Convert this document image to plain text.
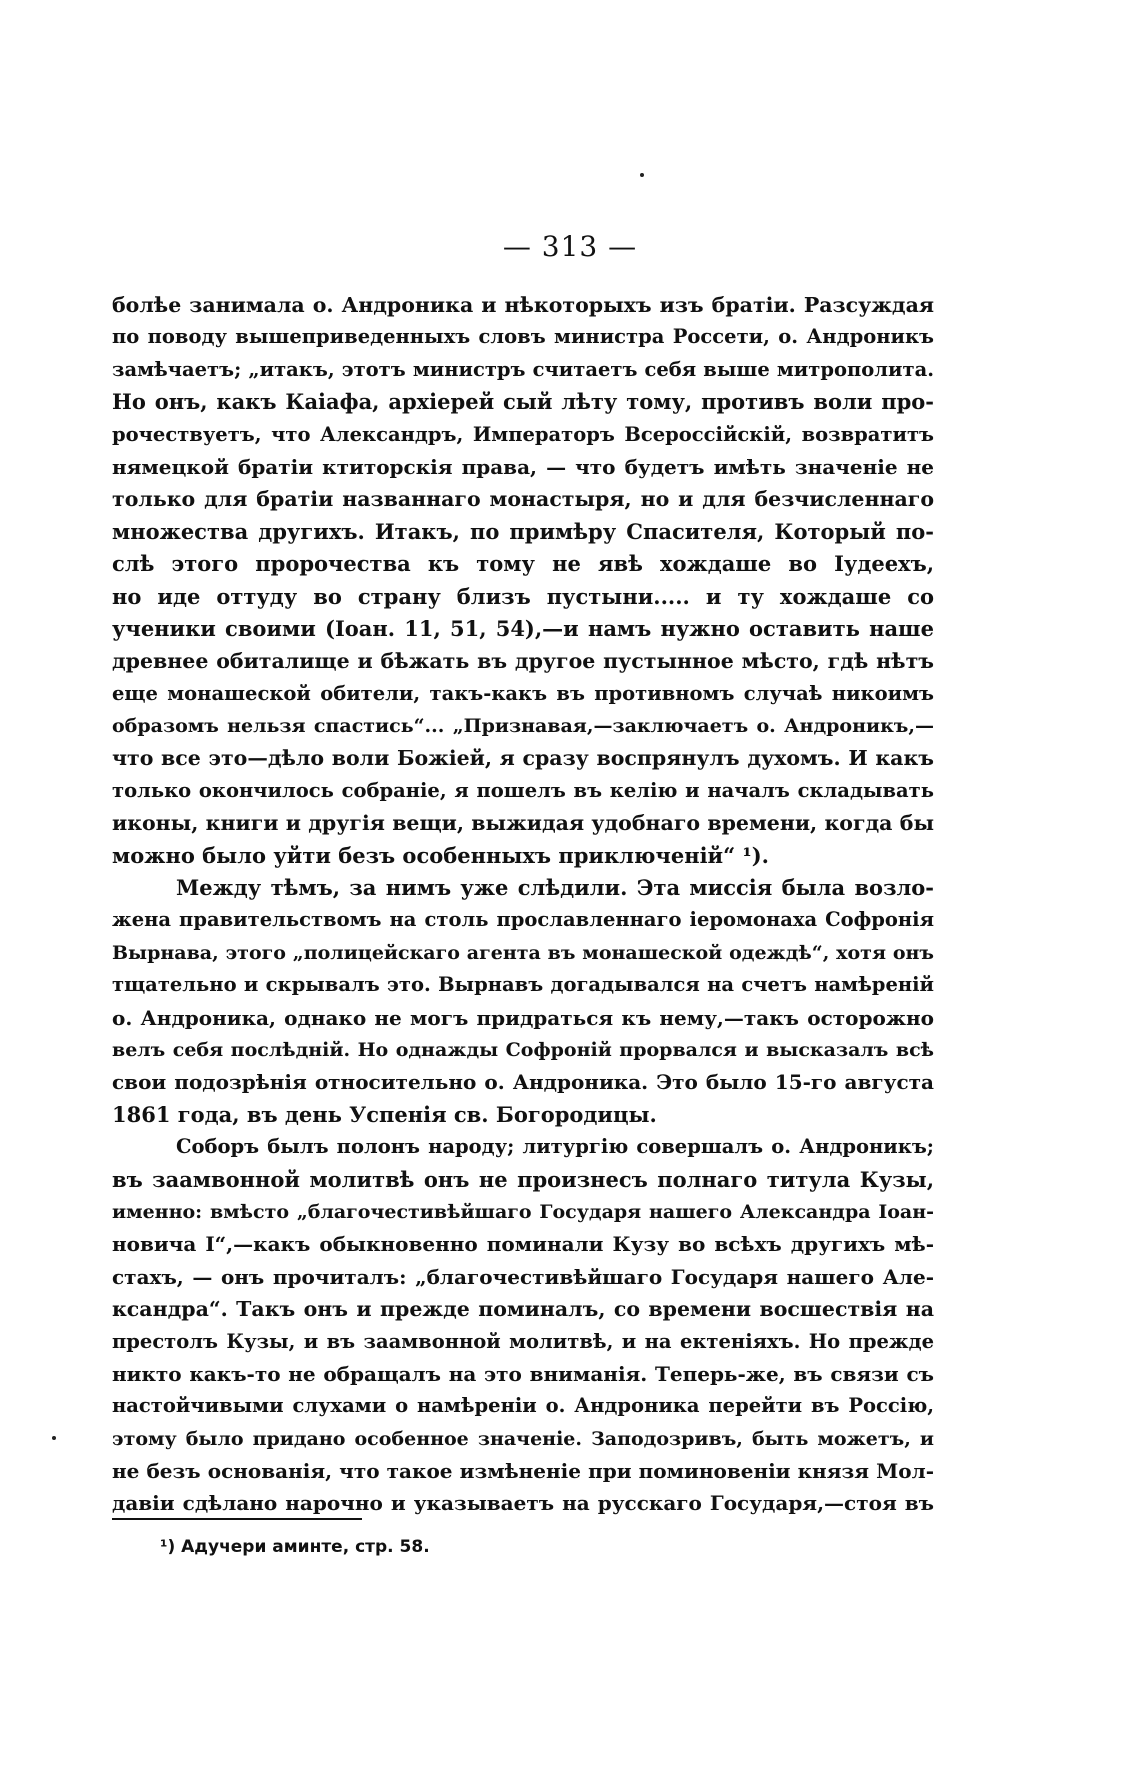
— 313 —
болѣе занимала о. Андроника и нѣкоторыхъ изъ братіи. Разсуждая
по поводу вышеприведенныхъ словъ министра Россети, о. Андроникъ
замѣчаетъ; „итакъ, этотъ министръ считаетъ себя выше митрополита.
Но онъ, какъ Каіафа, архіерей сый лѣту тому, противъ воли про-
рочествуетъ, что Александръ, Императоръ Всероссійскій, возвратитъ
нямецкой братіи ктиторскія права, — что будетъ имѣть значеніе не
только для братіи названнаго монастыря, но и для безчисленнаго
множества другихъ. Итакъ, по примѣру Спасителя, Который по-
слѣ этого пророчества къ тому не явѣ хождаше во Іудеехъ,
но иде оттуду во страну близъ пустыни..... и ту хождаше со
ученики своими (Іоан. 11, 51, 54),—и намъ нужно оставить наше
древнее обиталище и бѣжать въ другое пустынное мѣсто, гдѣ нѣтъ
еще монашеской обители, такъ-какъ въ противномъ случаѣ никоимъ
образомъ нельзя спастись“... „Признавая,—заключаетъ о. Андроникъ,—
что все это—дѣло воли Божіей, я сразу воспрянулъ духомъ. И какъ
только окончилось собраніе, я пошелъ въ келію и началъ складывать
иконы, книги и другія вещи, выжидая удобнаго времени, когда бы
можно было уйти безъ особенныхъ приключеній“ ¹).
Между тѣмъ, за нимъ уже слѣдили. Эта миссія была возло-
жена правительствомъ на столь прославленнаго іеромонаха Софронія
Вырнава, этого „полицейскаго агента въ монашеской одеждѣ“, хотя онъ
тщательно и скрывалъ это. Вырнавъ догадывался на счетъ намѣреній
о. Андроника, однако не могъ придраться къ нему,—такъ осторожно
велъ себя послѣдній. Но однажды Софроній прорвался и высказалъ всѣ
свои подозрѣнія относительно о. Андроника. Это было 15-го августа
1861 года, въ день Успенія св. Богородицы.
Соборъ былъ полонъ народу; литургію совершалъ о. Андроникъ;
въ заамвонной молитвѣ онъ не произнесъ полнаго титула Кузы,
именно: вмѣсто „благочестивѣйшаго Государя нашего Александра Іоан-
новича І“,—какъ обыкновенно поминали Кузу во всѣхъ другихъ мѣ-
стахъ, — онъ прочиталъ: „благочестивѣйшаго Государя нашего Але-
ксандра“. Такъ онъ и прежде поминалъ, со времени восшествія на
престолъ Кузы, и въ заамвонной молитвѣ, и на ектеніяхъ. Но прежде
никто какъ-то не обращалъ на это вниманія. Теперь-же, въ связи съ
настойчивыми слухами о намѣреніи о. Андроника перейти въ Россію,
этому было придано особенное значеніе. Заподозривъ, быть можетъ, и
не безъ основанія, что такое измѣненіе при поминовеніи князя Мол-
давіи сдѣлано нарочно и указываетъ на русскаго Государя,—стоя въ
¹) Адучери аминте, стр. 58.
